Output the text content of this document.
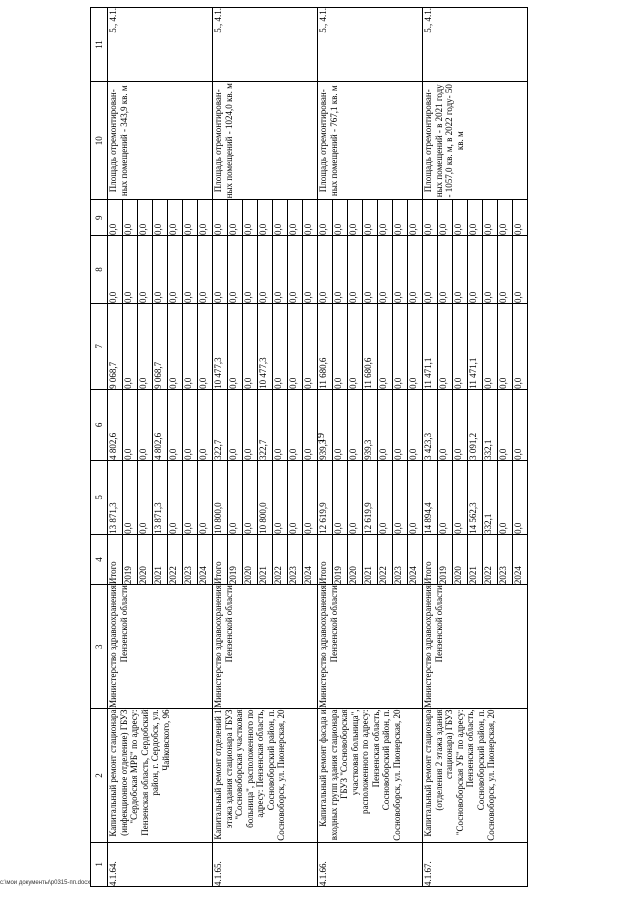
19
1	2	3	4	5	6	7	8	9	10	11
4.1.64.	Капитальный ремонт стационара (инфекционное отделение) ГБУЗ "Сердобская МРБ" по адресу: Пензенская область, Сердобский район, г. Сердобск, ул. Чайковского, 96	Министерство здравоохранения Пензенской области	Итого	13 871,3	4 802,6	9 068,7	0,0	0,0	Площадь отремонтирован-ных помещений - 343,9 кв. м	5., 4.1.
			2019	0,0	0,0	0,0	0,0	0,0		
			2020	0,0	0,0	0,0	0,0	0,0		
			2021	13 871,3	4 802,6	9 068,7	0,0	0,0		
			2022	0,0	0,0	0,0	0,0	0,0		
			2023	0,0	0,0	0,0	0,0	0,0		
			2024	0,0	0,0	0,0	0,0	0,0		
4.1.65.	Капитальный ремонт отделений 1 этажа здания стационара ГБУЗ "Сосновоборская участковая больница", расположенного по адресу: Пензенская область, Сосновоборский район, п. Сосновоборск, ул. Пионерская, 20	Министерство здравоохранения Пензенской области	Итого	10 800,0	322,7	10 477,3	0,0	0,0	Площадь отремонтирован-ных помещений - 1024,0 кв. м	5., 4.1.
			2019	0,0	0,0	0,0	0,0	0,0		
			2020	0,0	0,0	0,0	0,0	0,0		
			2021	10 800,0	322,7	10 477,3	0,0	0,0		
			2022	0,0	0,0	0,0	0,0	0,0		
			2023	0,0	0,0	0,0	0,0	0,0		
			2024	0,0	0,0	0,0	0,0	0,0		
4.1.66.	Капитальный ремонт фасада и входных групп здания стационара ГБУЗ "Сосновоборская участковая больница", расположенного по адресу: Пензенская область, Сосновоборский район, п. Сосновоборск, ул. Пионерская, 20	Министерство здравоохранения Пензенской области	Итого	12 619,9	939,3	11 680,6	0,0	0,0	Площадь отремонтирован-ных помещений - 767,1 кв. м	5., 4.1.
			2019	0,0	0,0	0,0	0,0	0,0		
			2020	0,0	0,0	0,0	0,0	0,0		
			2021	12 619,9	939,3	11 680,6	0,0	0,0		
			2022	0,0	0,0	0,0	0,0	0,0		
			2023	0,0	0,0	0,0	0,0	0,0		
			2024	0,0	0,0	0,0	0,0	0,0		
4.1.67.	Капитальный ремонт стационара (отделения 2 этажа здания стационара) ГБУЗ "Сосновоборская УБ" по адресу: Пензенская область, Сосновоборский район, п. Сосновоборск, ул. Пионерская, 20	Министерство здравоохранения Пензенской области	Итого	14 894,4	3 423,3	11 471,1	0,0	0,0	Площадь отремонтирован-ных помещений - в 2021 году - 1057,0 кв. м, в 2022 году- 50 кв. м	5., 4.1.
			2019	0,0	0,0	0,0	0,0	0,0		
			2020	0,0	0,0	0,0	0,0	0,0		
			2021	14 562,3	3 091,2	11 471,1	0,0	0,0		
			2022	332,1	332,1	0,0	0,0	0,0		
			2023	0,0	0,0	0,0	0,0	0,0		
			2024	0,0	0,0	0,0	0,0	0,0		
c:\мои документы\p0315-пп.docx
